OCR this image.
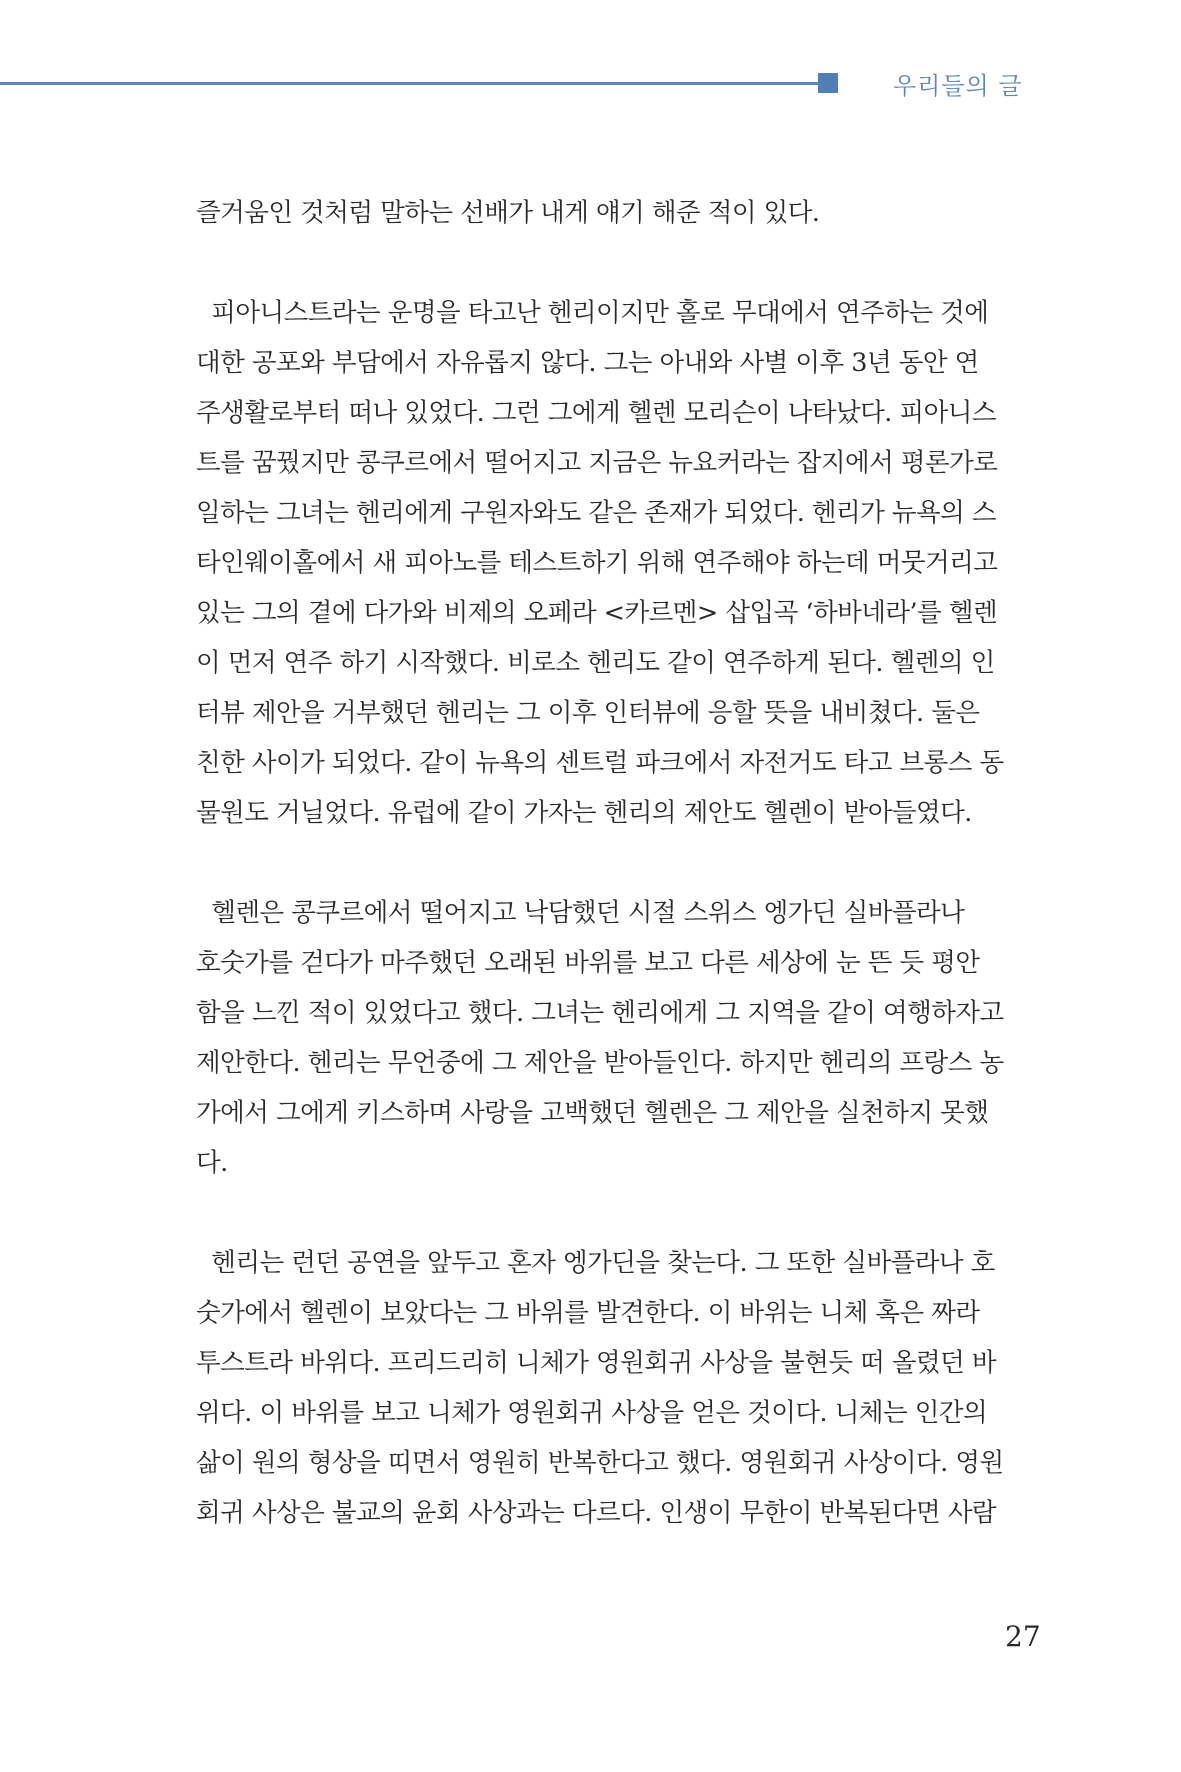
우리들의 글
즐거움인 것처럼 말하는 선배가 내게 얘기 해준 적이 있다.
피아니스트라는 운명을 타고난 헨리이지만 홀로 무대에서 연주하는 것에
대한 공포와 부담에서 자유롭지 않다. 그는 아내와 사별 이후 3년 동안 연
주생활로부터 떠나 있었다. 그런 그에게 헬렌 모리슨이 나타났다. 피아니스
트를 꿈꿨지만 콩쿠르에서 떨어지고 지금은 뉴요커라는 잡지에서 평론가로
일하는 그녀는 헨리에게 구원자와도 같은 존재가 되었다. 헨리가 뉴욕의 스
타인웨이홀에서 새 피아노를 테스트하기 위해 연주해야 하는데 머뭇거리고
있는 그의 곁에 다가와 비제의 오페라 <카르멘> 삽입곡 ‘하바네라’를 헬렌
이 먼저 연주 하기 시작했다. 비로소 헨리도 같이 연주하게 된다. 헬렌의 인
터뷰 제안을 거부했던 헨리는 그 이후 인터뷰에 응할 뜻을 내비쳤다. 둘은
친한 사이가 되었다. 같이 뉴욕의 센트럴 파크에서 자전거도 타고 브롱스 동
물원도 거닐었다. 유럽에 같이 가자는 헨리의 제안도 헬렌이 받아들였다.
헬렌은 콩쿠르에서 떨어지고 낙담했던 시절 스위스 엥가딘 실바플라나
호숫가를 걷다가 마주했던 오래된 바위를 보고 다른 세상에 눈 뜬 듯 평안
함을 느낀 적이 있었다고 했다. 그녀는 헨리에게 그 지역을 같이 여행하자고
제안한다. 헨리는 무언중에 그 제안을 받아들인다. 하지만 헨리의 프랑스 농
가에서 그에게 키스하며 사랑을 고백했던 헬렌은 그 제안을 실천하지 못했
다.
헨리는 런던 공연을 앞두고 혼자 엥가딘을 찾는다. 그 또한 실바플라나 호
숫가에서 헬렌이 보았다는 그 바위를 발견한다. 이 바위는 니체 혹은 짜라
투스트라 바위다. 프리드리히 니체가 영원회귀 사상을 불현듯 떠 올렸던 바
위다. 이 바위를 보고 니체가 영원회귀 사상을 얻은 것이다. 니체는 인간의
삶이 원의 형상을 띠면서 영원히 반복한다고 했다. 영원회귀 사상이다. 영원
회귀 사상은 불교의 윤회 사상과는 다르다. 인생이 무한이 반복된다면 사람
27
